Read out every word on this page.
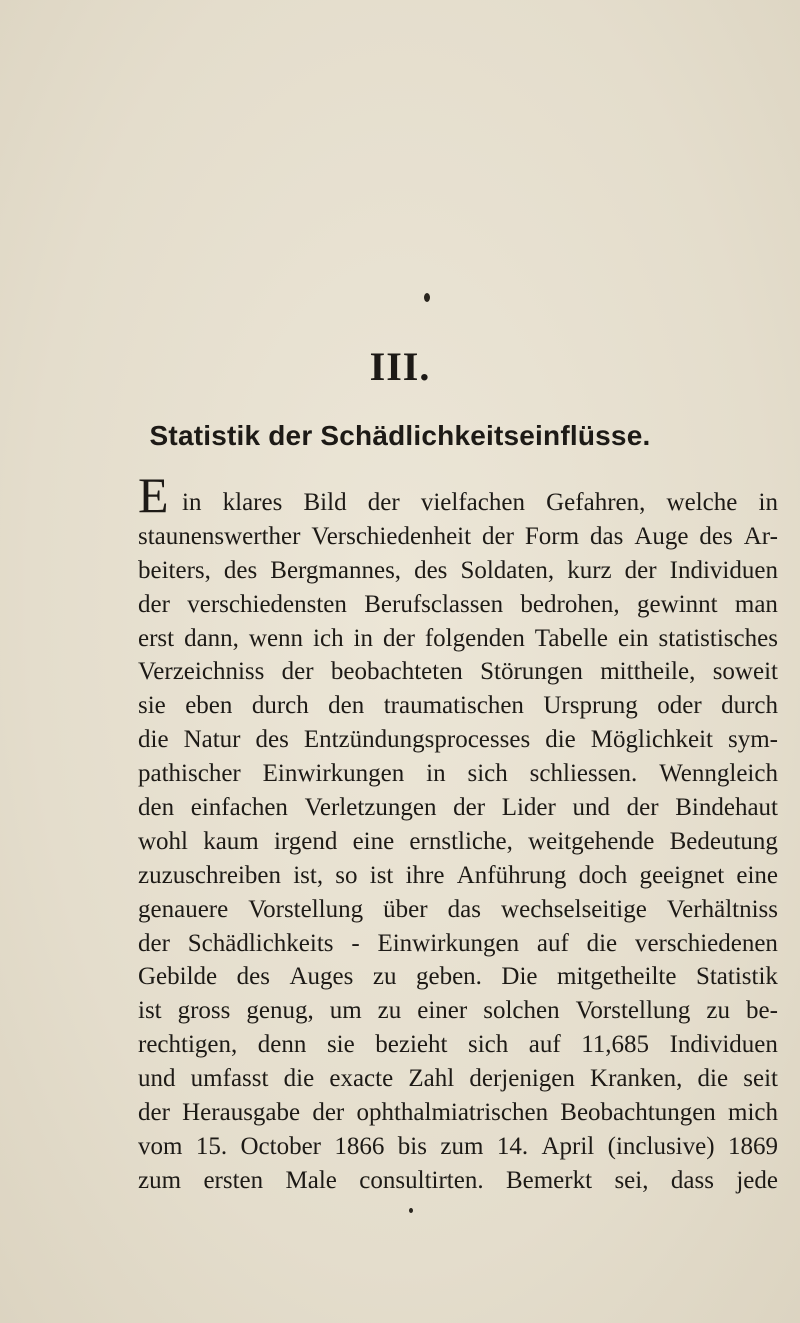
III.
Statistik der Schädlichkeitseinflüsse.
E in klares Bild der vielfachen Gefahren, welche in
staunenswerther Verschiedenheit der Form das Auge des Ar-
beiters, des Bergmannes, des Soldaten, kurz der Individuen
der verschiedensten Berufsclassen bedrohen, gewinnt man
erst dann, wenn ich in der folgenden Tabelle ein statistisches
Verzeichniss der beobachteten Störungen mittheile, soweit
sie eben durch den traumatischen Ursprung oder durch
die Natur des Entzündungsprocesses die Möglichkeit sym-
pathischer Einwirkungen in sich schliessen. Wenngleich
den einfachen Verletzungen der Lider und der Bindehaut
wohl kaum irgend eine ernstliche, weitgehende Bedeutung
zuzuschreiben ist, so ist ihre Anführung doch geeignet eine
genauere Vorstellung über das wechselseitige Verhältniss
der Schädlichkeits - Einwirkungen auf die verschiedenen
Gebilde des Auges zu geben. Die mitgetheilte Statistik
ist gross genug, um zu einer solchen Vorstellung zu be-
rechtigen, denn sie bezieht sich auf 11,685 Individuen
und umfasst die exacte Zahl derjenigen Kranken, die seit
der Herausgabe der ophthalmiatrischen Beobachtungen mich
vom 15. October 1866 bis zum 14. April (inclusive) 1869
zum ersten Male consultirten. Bemerkt sei, dass jede
